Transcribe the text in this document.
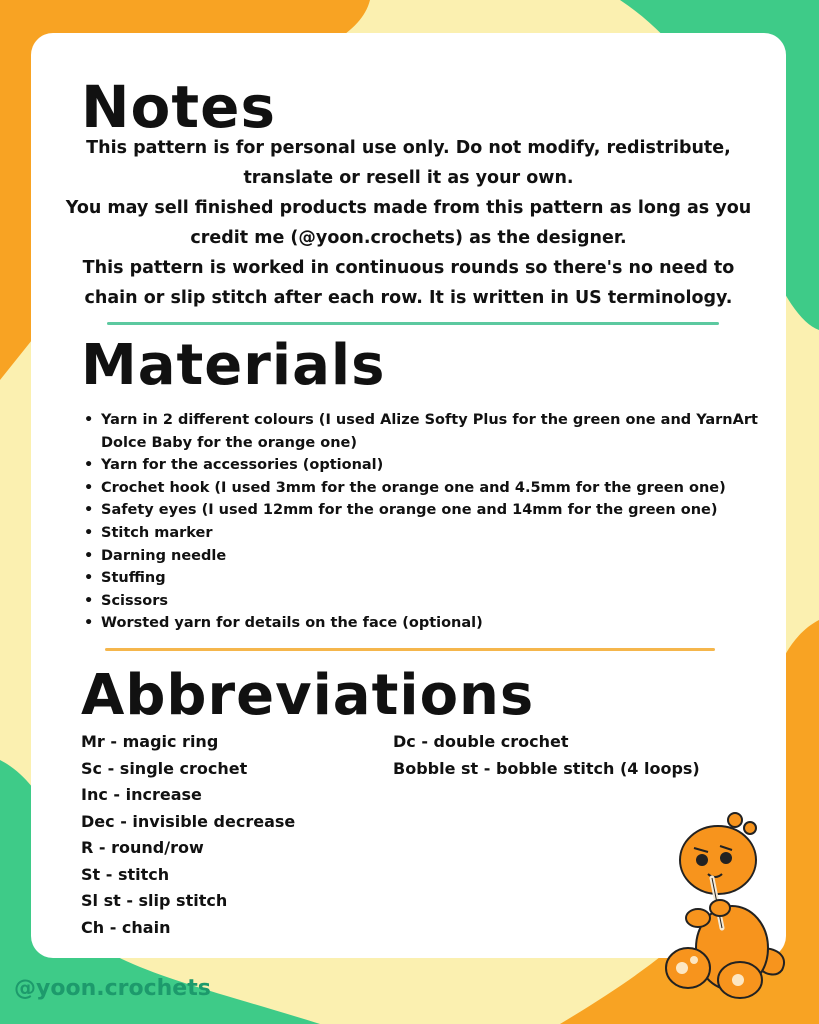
Notes

This pattern is for personal use only. Do not modify, redistribute, translate or resell it as your own.

You may sell finished products made from this pattern as long as you credit me (@yoon.crochets) as the designer.

This pattern is worked in continuous rounds so there's no need to chain or slip stitch after each row. It is written in US terminology.

Materials
• Yarn in 2 different colours (I used Alize Softy Plus for the green one and YarnArt Dolce Baby for the orange one)
• Yarn for the accessories (optional)
• Crochet hook (I used 3mm for the orange one and 4.5mm for the green one)
• Safety eyes (I used 12mm for the orange one and 14mm for the green one)
• Stitch marker
• Darning needle
• Stuffing
• Scissors
• Worsted yarn for details on the face (optional)
Abbreviations
Mr - magic ring
Sc - single crochet
Inc - increase
Dec - invisible decrease
R - round/row
St - stitch
Sl st - slip stitch
Ch - chain
Dc - double crochet
Bobble st - bobble stitch (4 loops)
@yoon.crochets
